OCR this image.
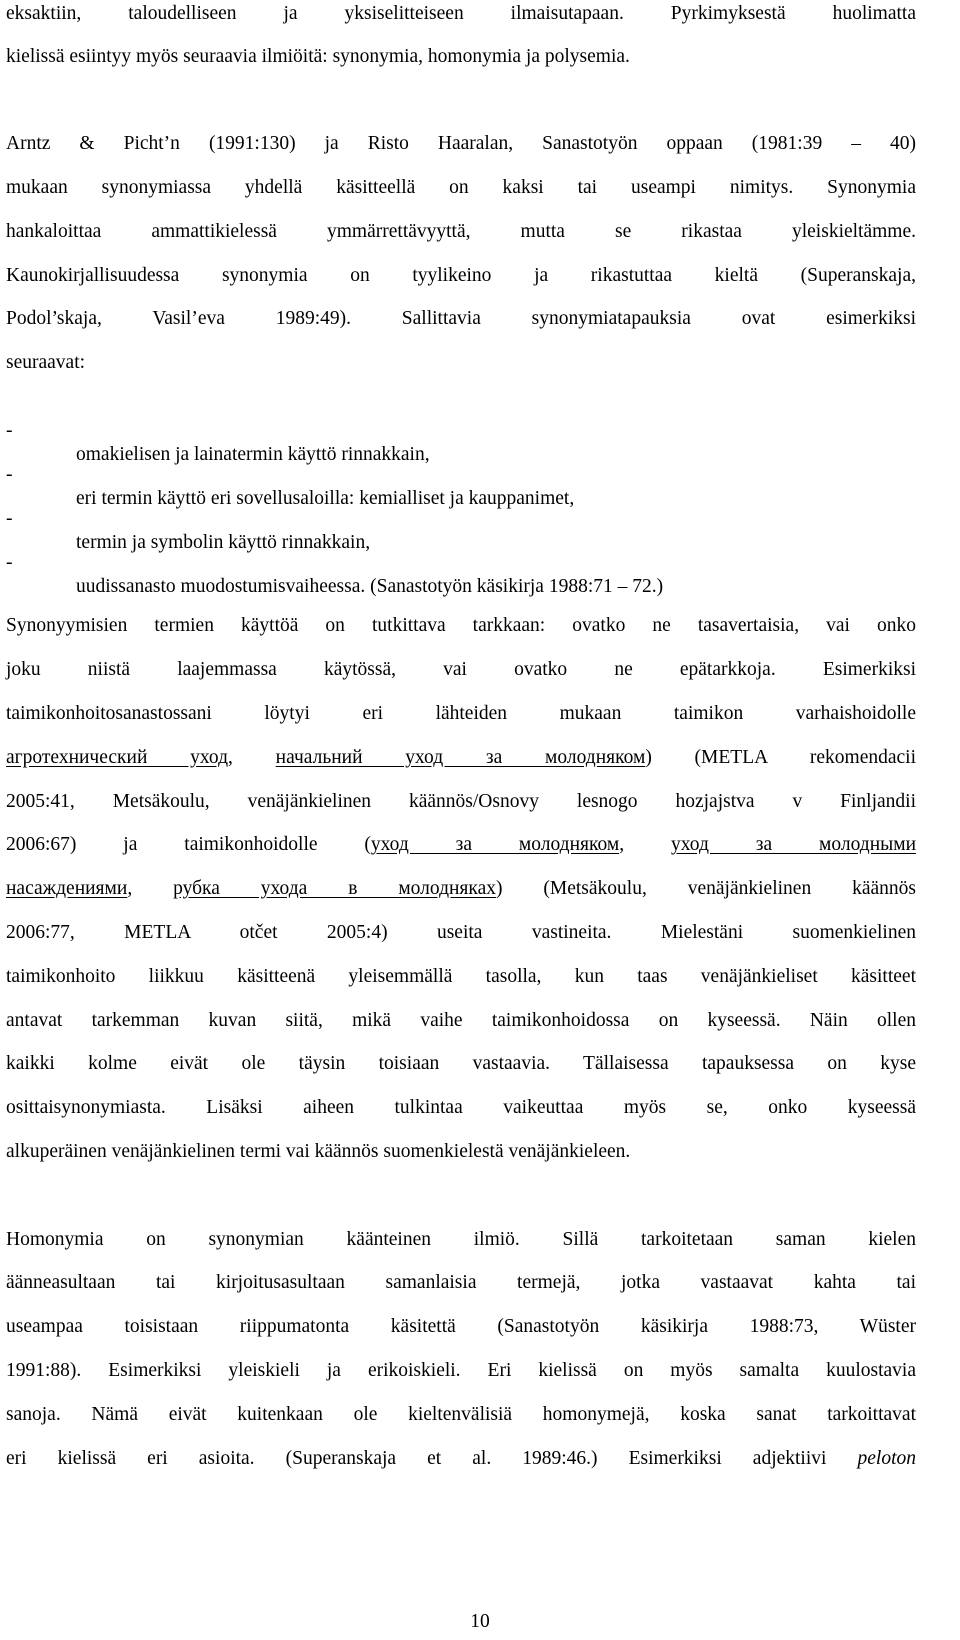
eksaktiin, taloudelliseen ja yksiselitteiseen ilmaisutapaan. Pyrkimyksestä huolimatta
kielissä esiintyy myös seuraavia ilmiöitä: synonymia, homonymia ja polysemia.
Arntz & Picht’n (1991:130) ja Risto Haaralan, Sanastotyön oppaan (1981:39 – 40)
mukaan synonymiassa yhdellä käsitteellä on kaksi tai useampi nimitys. Synonymia
hankaloittaa ammattikielessä ymmärrettävyyttä, mutta se rikastaa yleiskieltämme.
Kaunokirjallisuudessa synonymia on tyylikeino ja rikastuttaa kieltä (Superanskaja,
Podol’skaja, Vasil’eva 1989:49). Sallittavia synonymiatapauksia ovat esimerkiksi
seuraavat:

-

omakielisen ja lainatermin käyttö rinnakkain,

-

eri termin käyttö eri sovellusaloilla: kemialliset ja kauppanimet,

-

termin ja symbolin käyttö rinnakkain,

-

uudissanasto muodostumisvaiheessa. (Sanastotyön käsikirja 1988:71 – 72.)

Synonyymisien termien käyttöä on tutkittava tarkkaan: ovatko ne tasavertaisia, vai onko
joku niistä laajemmassa käytössä, vai ovatko ne epätarkkoja. Esimerkiksi
taimikonhoitosanastossani löytyi eri lähteiden mukaan taimikon varhaishoidolle
агротехнический уход, начальний уход за молодняком) (METLA rekomendacii
2005:41, Metsäkoulu, venäjänkielinen käännös/Osnovy lesnogo hozjajstva v Finljandii
2006:67) ja taimikonhoidolle (уход за молодняком, уход за молодными
насаждениями, рубка ухода в молодняках) (Metsäkoulu, venäjänkielinen käännös
2006:77, METLA otčet 2005:4) useita vastineita. Mielestäni suomenkielinen
taimikonhoito liikkuu käsitteenä yleisemmällä tasolla, kun taas venäjänkieliset käsitteet
antavat tarkemman kuvan siitä, mikä vaihe taimikonhoidossa on kyseessä. Näin ollen
kaikki kolme eivät ole täysin toisiaan vastaavia. Tällaisessa tapauksessa on kyse
osittaisynonymiasta. Lisäksi aiheen tulkintaa vaikeuttaa myös se, onko kyseessä
alkuperäinen venäjänkielinen termi vai käännös suomenkielestä venäjänkieleen.
Homonymia on synonymian käänteinen ilmiö. Sillä tarkoitetaan saman kielen
äänneasultaan tai kirjoitusasultaan samanlaisia termejä, jotka vastaavat kahta tai
useampaa toisistaan riippumatonta käsitettä (Sanastotyön käsikirja 1988:73, Wüster
1991:88). Esimerkiksi yleiskieli ja erikoiskieli. Eri kielissä on myös samalta kuulostavia
sanoja. Nämä eivät kuitenkaan ole kieltenvälisiä homonymejä, koska sanat tarkoittavat
eri kielissä eri asioita. (Superanskaja et al. 1989:46.) Esimerkiksi adjektiivi peloton
10
